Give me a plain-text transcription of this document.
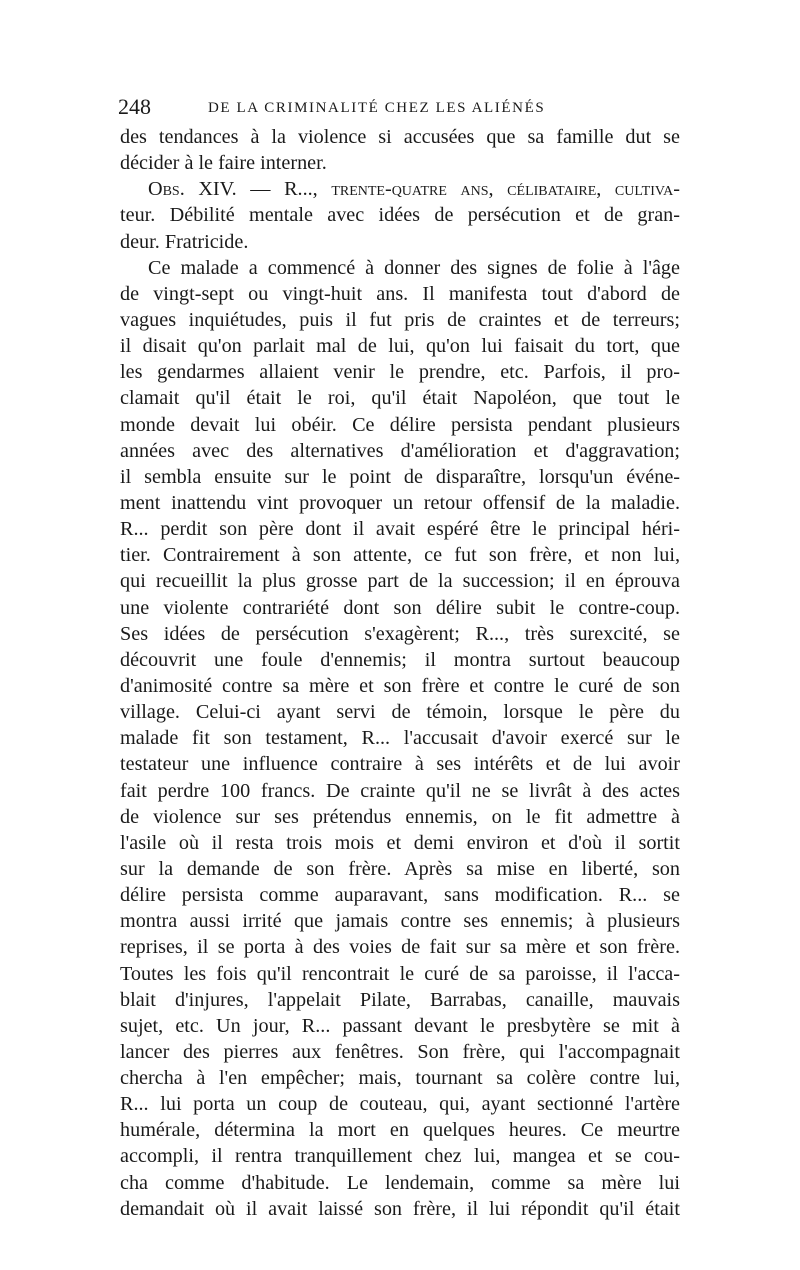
248	DE LA CRIMINALITÉ CHEZ LES ALIÉNÉS
des tendances à la violence si accusées que sa famille dut se
décider à le faire interner.
Obs. XIV. — R..., trente-quatre ans, célibataire, cultiva-
teur. Débilité mentale avec idées de persécution et de gran-
deur. Fratricide.
Ce malade a commencé à donner des signes de folie à l'âge
de vingt-sept ou vingt-huit ans. Il manifesta tout d'abord de
vagues inquiétudes, puis il fut pris de craintes et de terreurs;
il disait qu'on parlait mal de lui, qu'on lui faisait du tort, que
les gendarmes allaient venir le prendre, etc. Parfois, il pro-
clamait qu'il était le roi, qu'il était Napoléon, que tout le
monde devait lui obéir. Ce délire persista pendant plusieurs
années avec des alternatives d'amélioration et d'aggravation;
il sembla ensuite sur le point de disparaître, lorsqu'un événe-
ment inattendu vint provoquer un retour offensif de la maladie.
R... perdit son père dont il avait espéré être le principal héri-
tier. Contrairement à son attente, ce fut son frère, et non lui,
qui recueillit la plus grosse part de la succession; il en éprouva
une violente contrariété dont son délire subit le contre-coup.
Ses idées de persécution s'exagèrent; R..., très surexcité, se
découvrit une foule d'ennemis; il montra surtout beaucoup
d'animosité contre sa mère et son frère et contre le curé de son
village. Celui-ci ayant servi de témoin, lorsque le père du
malade fit son testament, R... l'accusait d'avoir exercé sur le
testateur une influence contraire à ses intérêts et de lui avoir
fait perdre 100 francs. De crainte qu'il ne se livrât à des actes
de violence sur ses prétendus ennemis, on le fit admettre à
l'asile où il resta trois mois et demi environ et d'où il sortit
sur la demande de son frère. Après sa mise en liberté, son
délire persista comme auparavant, sans modification. R... se
montra aussi irrité que jamais contre ses ennemis; à plusieurs
reprises, il se porta à des voies de fait sur sa mère et son frère.
Toutes les fois qu'il rencontrait le curé de sa paroisse, il l'acca-
blait d'injures, l'appelait Pilate, Barrabas, canaille, mauvais
sujet, etc. Un jour, R... passant devant le presbytère se mit à
lancer des pierres aux fenêtres. Son frère, qui l'accompagnait
chercha à l'en empêcher; mais, tournant sa colère contre lui,
R... lui porta un coup de couteau, qui, ayant sectionné l'artère
humérale, détermina la mort en quelques heures. Ce meurtre
accompli, il rentra tranquillement chez lui, mangea et se cou-
cha comme d'habitude. Le lendemain, comme sa mère lui
demandait où il avait laissé son frère, il lui répondit qu'il était
